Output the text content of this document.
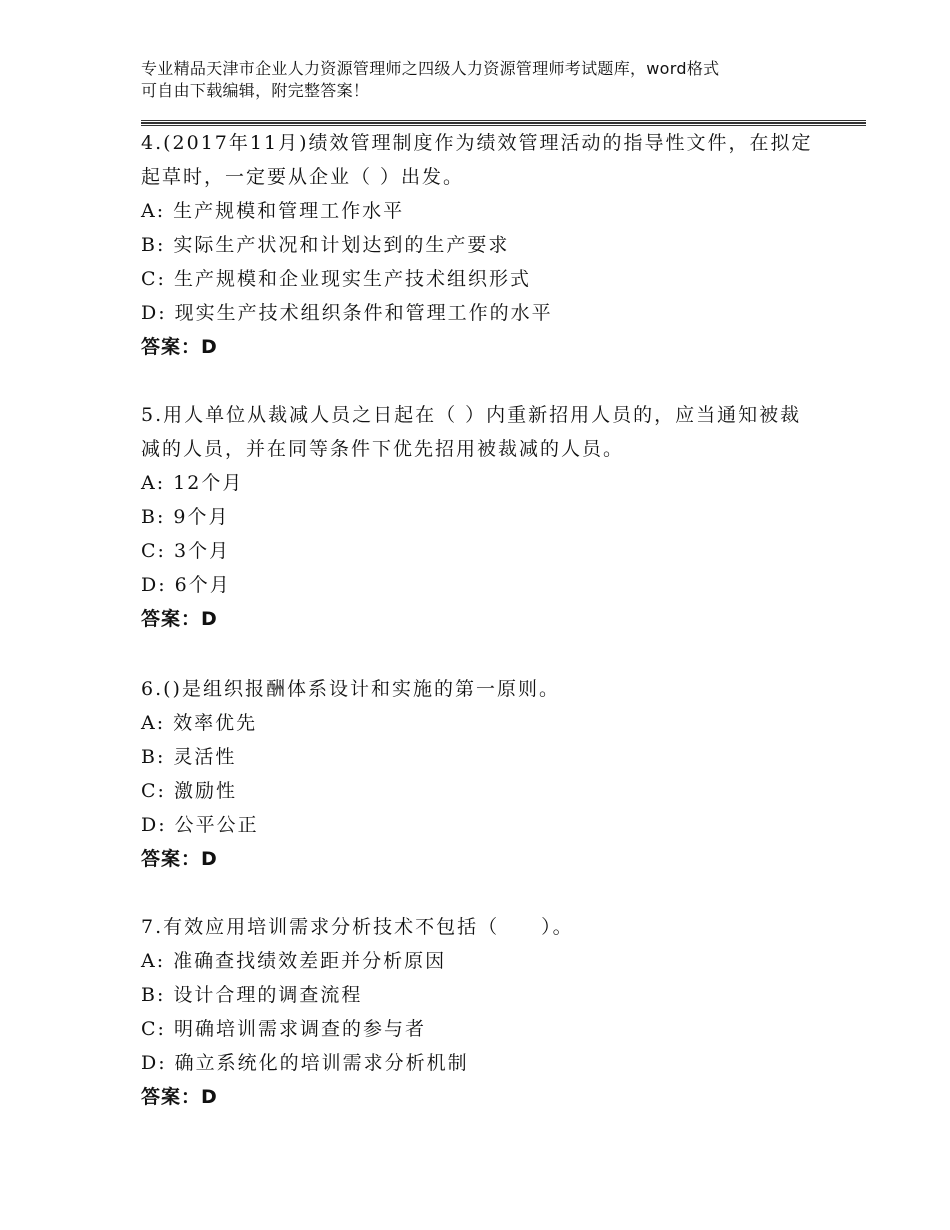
专业精品天津市企业人力资源管理师之四级人力资源管理师考试题库，word格式
可自由下载编辑，附完整答案！
4.(2017年11月)绩效管理制度作为绩效管理活动的指导性文件，在拟定起草时，一定要从企业（ ）出发。
A: 生产规模和管理工作水平
B: 实际生产状况和计划达到的生产要求
C: 生产规模和企业现实生产技术组织形式
D: 现实生产技术组织条件和管理工作的水平
答案：D
5.用人单位从裁减人员之日起在（ ）内重新招用人员的，应当通知被裁减的人员，并在同等条件下优先招用被裁减的人员。
A: 12个月
B: 9个月
C: 3个月
D: 6个月
答案：D
6.()是组织报酬体系设计和实施的第一原则。
A: 效率优先
B: 灵活性
C: 激励性
D: 公平公正
答案：D
7.有效应用培训需求分析技术不包括（　　）。
A: 准确查找绩效差距并分析原因
B: 设计合理的调查流程
C: 明确培训需求调查的参与者
D: 确立系统化的培训需求分析机制
答案：D
